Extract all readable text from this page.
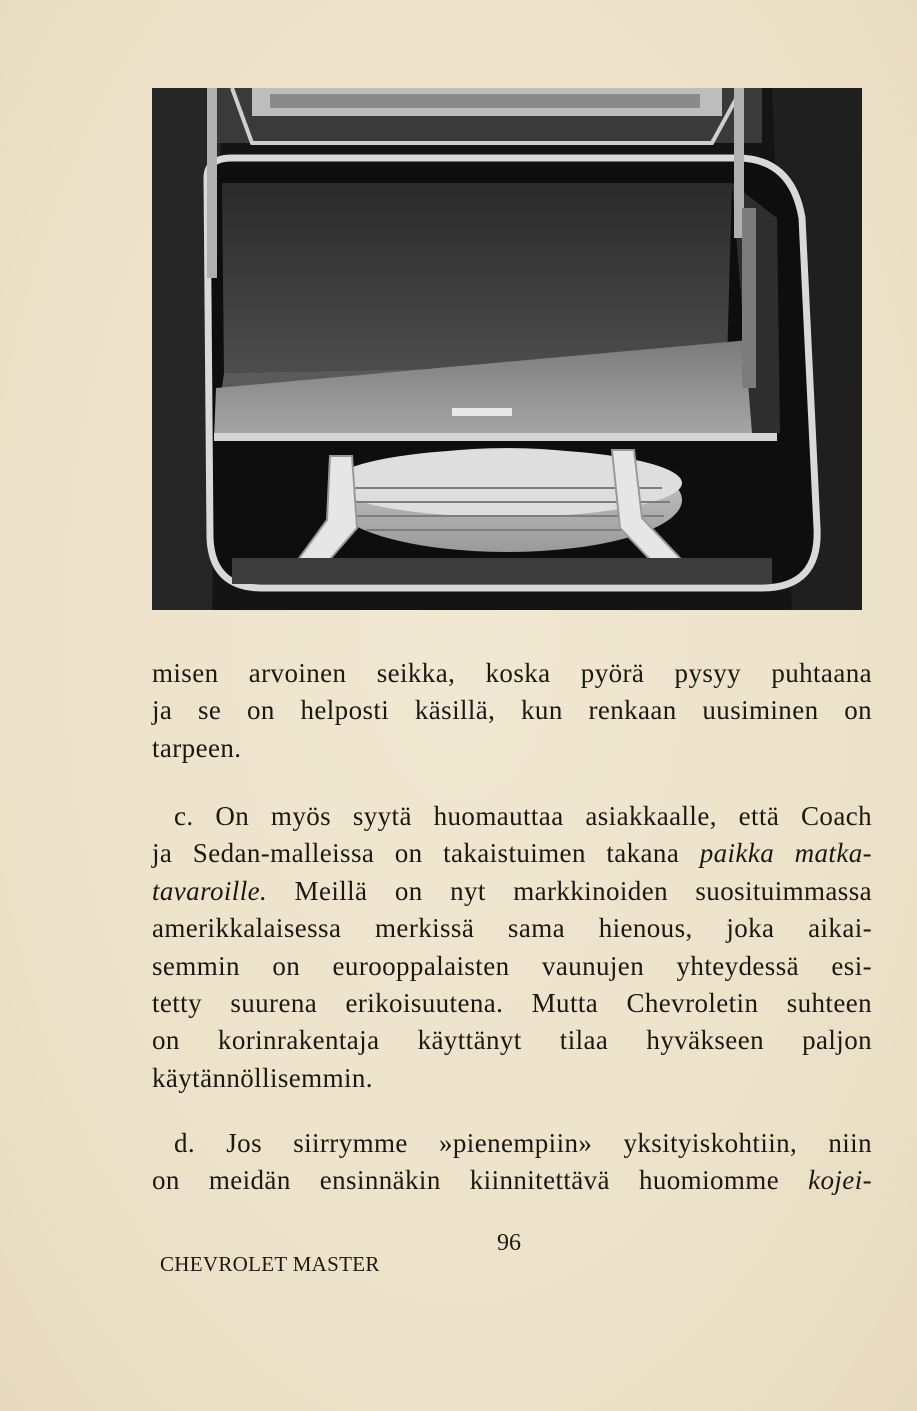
misen arvoinen seikka, koska pyörä pysyy puhtaana
ja se on helposti käsillä, kun renkaan uusiminen on
tarpeen.

c. On myös syytä huomauttaa asiakkaalle, että Coach
ja Sedan-malleissa on takaistuimen takana paikka matka-
tavaroille. Meillä on nyt markkinoiden suosituimmassa
amerikkalaisessa merkissä sama hienous, joka aikai-
semmin on eurooppalaisten vaunujen yhteydessä esi-
tetty suurena erikoisuutena. Mutta Chevroletin suhteen
on korinrakentaja käyttänyt tilaa hyväkseen paljon
käytännöllisemmin.

d. Jos siirrymme »pienempiin» yksityiskohtiin, niin
on meidän ensinnäkin kiinnitettävä huomiomme kojei-

96
CHEVROLET MASTER
